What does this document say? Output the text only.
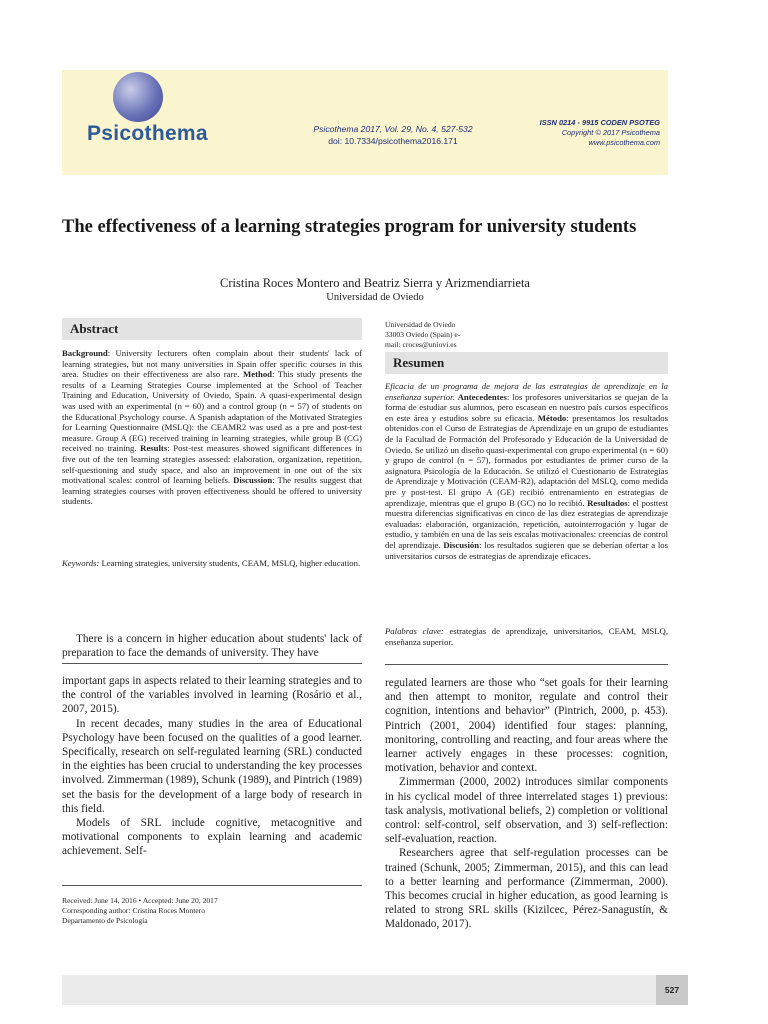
Psicothema	Psicothema 2017, Vol. 29, No. 4, 527-532
doi: 10.7334/psicothema2016.171
ISSN 0214 - 9915 CODEN PSOTEG
Copyright © 2017 Psicothema
www.psicothema.com
The effectiveness of a learning strategies program for university students
Cristina Roces Montero and Beatriz Sierra y Arizmendiarrieta
Universidad de Oviedo
Abstract
Background: University lecturers often complain about their students' lack of learning strategies, but not many universities in Spain offer specific courses in this area. Studies on their effectiveness are also rare. Method: This study presents the results of a Learning Strategies Course implemented at the School of Teacher Training and Education, University of Oviedo, Spain. A quasi-experimental design was used with an experimental (n = 60) and a control group (n = 57) of students on the Educational Psychology course. A Spanish adaptation of the Motivated Strategies for Learning Questionnaire (MSLQ): the CEAMR2 was used as a pre and post-test measure. Group A (EG) received training in learning strategies, while group B (CG) received no training. Results: Post-test measures showed significant differences in five out of the ten learning strategies assessed: elaboration, organization, repetition, self-questioning and study space, and also an improvement in one out of the six motivational scales: control of learning beliefs. Discussion: The results suggest that learning strategies courses with proven effectiveness should be offered to university students.
Keywords: Learning strategies, university students, CEAM, MSLQ, higher education.
Universidad de Oviedo
33003 Oviedo (Spain) e-
mail: croces@uniovi.es
Resumen
Eficacia de un programa de mejora de las estrategias de aprendizaje en la enseñanza superior. Antecedentes: los profesores universitarios se quejan de la forma de estudiar sus alumnos, pero escasean en nuestro país cursos específicos en este área y estudios sobre su eficacia. Método: presentamos los resultados obtenidos con el Curso de Estrategias de Aprendizaje en un grupo de estudiantes de la Facultad de Formación del Profesorado y Educación de la Universidad de Oviedo. Se utilizó un diseño quasi-experimental con grupo experimental (n = 60) y grupo de control (n = 57), formados por estudiantes de primer curso de la asignatura Psicología de la Educación. Se utilizó el Cuestionario de Estrategias de Aprendizaje y Motivación (CEAM-R2), adaptación del MSLQ, como medida pre y post-test. El grupo A (GE) recibió entrenamiento en estrategias de aprendizaje, mientras que el grupo B (GC) no lo recibió. Resultados: el posttest muestra diferencias significativas en cinco de las diez estrategias de aprendizaje evaluadas: elaboración, organización, repetición, autointerrogación y lugar de estudio, y también en una de las seis escalas motivacionales: creencias de control del aprendizaje. Discusión: los resultados sugieren que se deberían ofertar a los universitarios cursos de estrategias de aprendizaje eficaces.
Palabras clave: estrategias de aprendizaje, universitarios, CEAM, MSLQ, enseñanza superior.
There is a concern in higher education about students' lack of preparation to face the demands of university. They have

important gaps in aspects related to their learning strategies and to the control of the variables involved in learning (Rosário et al., 2007, 2015).

In recent decades, many studies in the area of Educational Psychology have been focused on the qualities of a good learner. Specifically, research on self-regulated learning (SRL) conducted in the eighties has been crucial to understanding the key processes involved. Zimmerman (1989), Schunk (1989), and Pintrich (1989) set the basis for the development of a large body of research in this field.

Models of SRL include cognitive, metacognitive and motivational components to explain learning and academic achievement. Self-

regulated learners are those who “set goals for their learning and then attempt to monitor, regulate and control their cognition, intentions and behavior” (Pintrich, 2000, p. 453). Pintrich (2001, 2004) identified four stages: planning, monitoring, controlling and reacting, and four areas where the learner actively engages in these processes: cognition, motivation, behavior and context.

Zimmerman (2000, 2002) introduces similar components in his cyclical model of three interrelated stages 1) previous: task analysis, motivational beliefs, 2) completion or volitional control: self-control, self observation, and 3) self-reflection: self-evaluation, reaction.

Researchers agree that self-regulation processes can be trained (Schunk, 2005; Zimmerman, 2015), and this can lead to a better learning and performance (Zimmerman, 2000). This becomes crucial in higher education, as good learning is related to strong SRL skills (Kizilcec, Pérez-Sanagustín, & Maldonado, 2017).

Received: June 14, 2016 • Accepted: June 20, 2017
Corresponding author: Cristina Roces Montero
Departamento de Psicología
527
